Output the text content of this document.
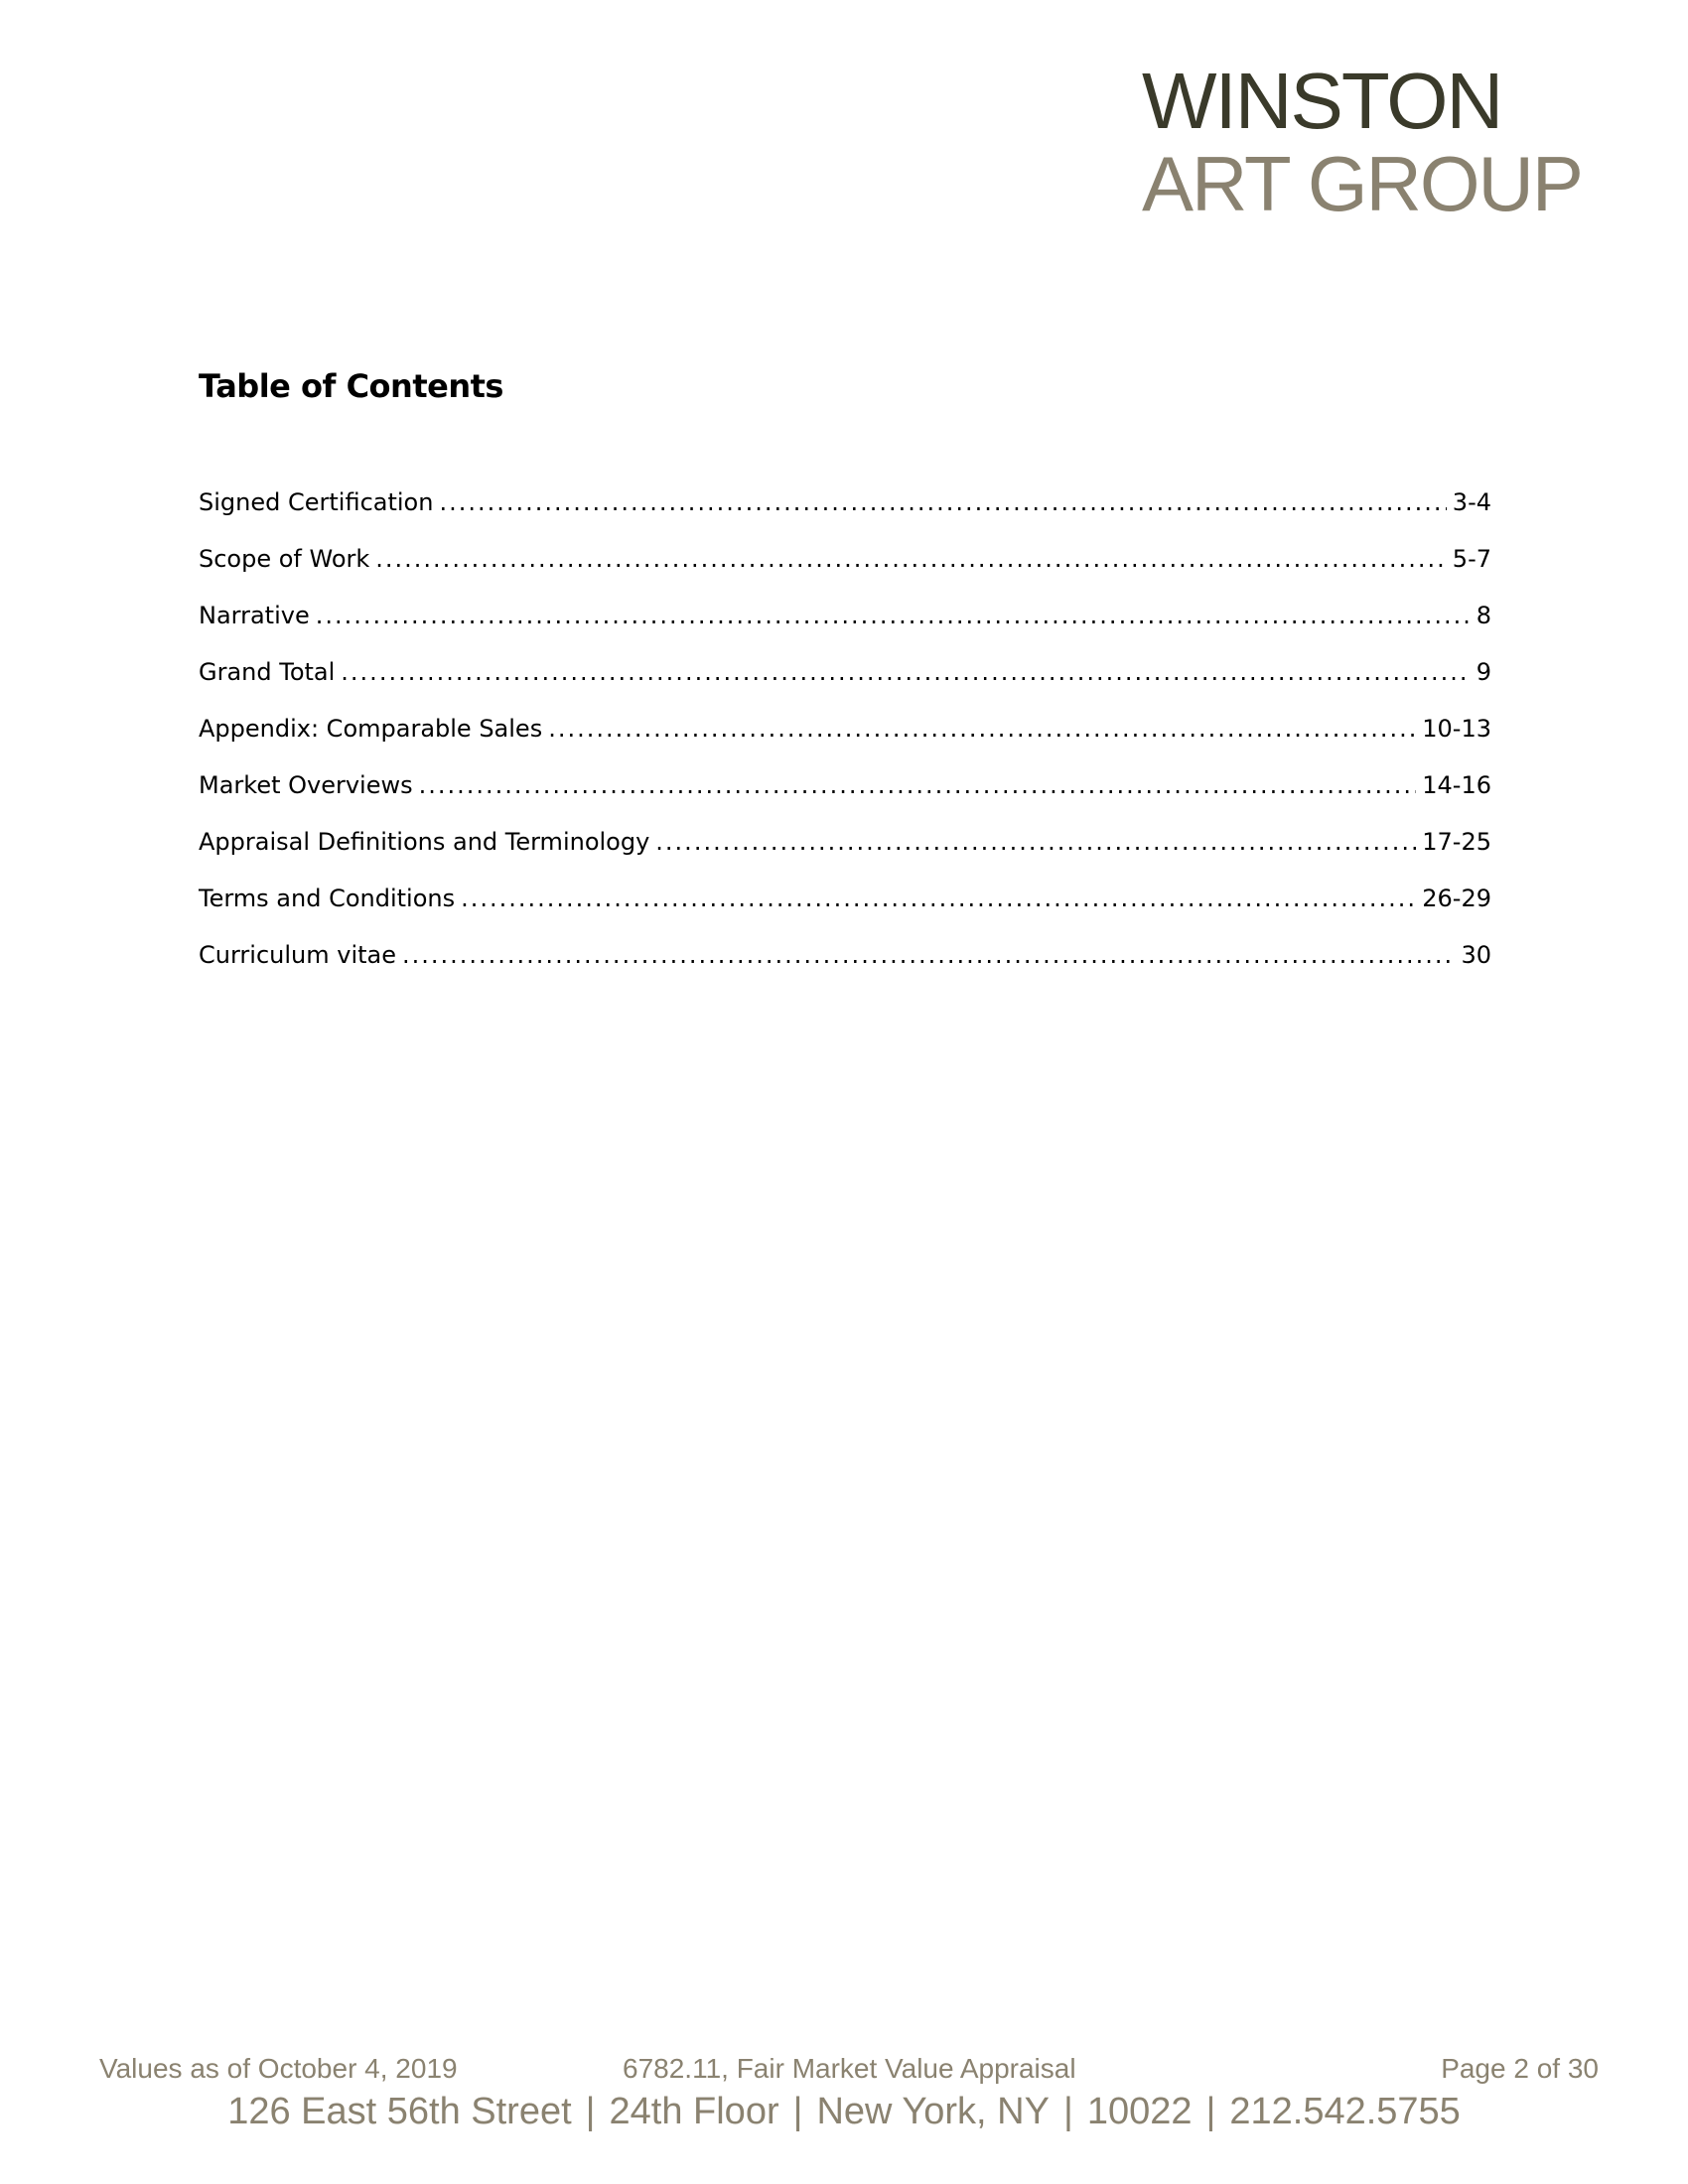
WINSTON
ART GROUP
Table of Contents
Signed Certification .....	3-4
Scope of Work .....	5-7
Narrative .....	8
Grand Total .....	9
Appendix: Comparable Sales .....	10-13
Market Overviews .....	14-16
Appraisal Definitions and Terminology .....	17-25
Terms and Conditions .....	26-29
Curriculum vitae .....	30
Values as of October 4, 2019	6782.11, Fair Market Value Appraisal	Page 2 of 30
126 East 56th Street | 24th Floor | New York, NY | 10022 | 212.542.5755
